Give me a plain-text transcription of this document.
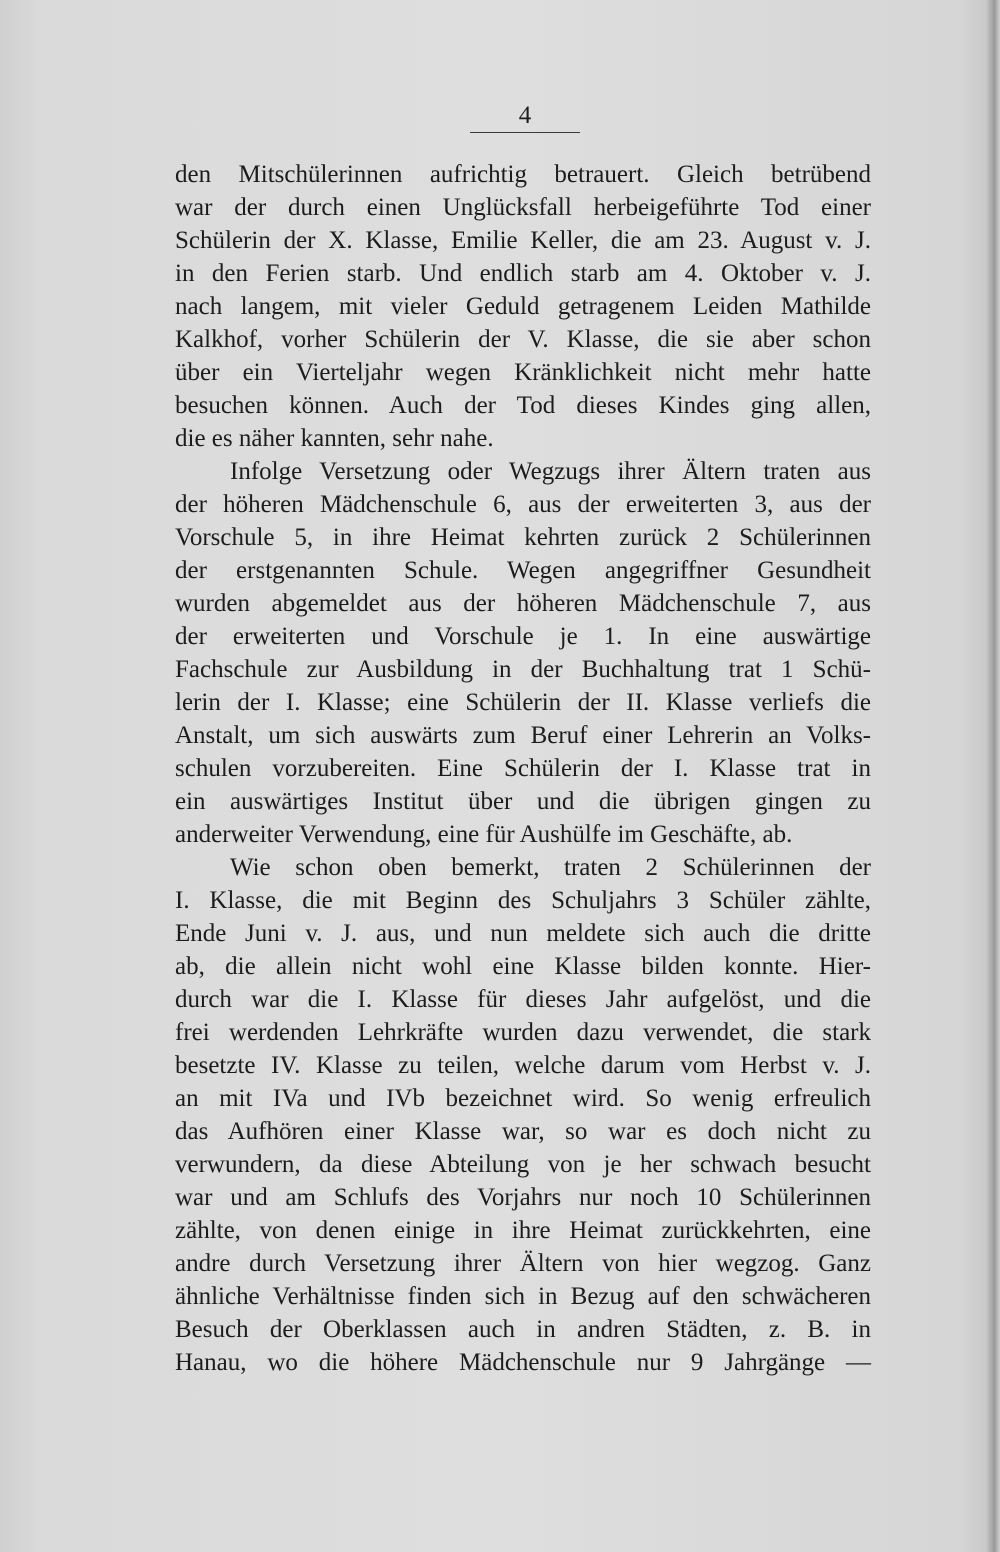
4
den Mitschülerinnen aufrichtig betrauert. Gleich betrübend
war der durch einen Unglücksfall herbeigeführte Tod einer
Schülerin der X. Klasse, Emilie Keller, die am 23. August v. J.
in den Ferien starb. Und endlich starb am 4. Oktober v. J.
nach langem, mit vieler Geduld getragenem Leiden Mathilde
Kalkhof, vorher Schülerin der V. Klasse, die sie aber schon
über ein Vierteljahr wegen Kränklichkeit nicht mehr hatte
besuchen können. Auch der Tod dieses Kindes ging allen,
die es näher kannten, sehr nahe.
Infolge Versetzung oder Wegzugs ihrer Ältern traten aus
der höheren Mädchenschule 6, aus der erweiterten 3, aus der
Vorschule 5, in ihre Heimat kehrten zurück 2 Schülerinnen
der erstgenannten Schule. Wegen angegriffner Gesundheit
wurden abgemeldet aus der höheren Mädchenschule 7, aus
der erweiterten und Vorschule je 1. In eine auswärtige
Fachschule zur Ausbildung in der Buchhaltung trat 1 Schü-
lerin der I. Klasse; eine Schülerin der II. Klasse verliefs die
Anstalt, um sich auswärts zum Beruf einer Lehrerin an Volks-
schulen vorzubereiten. Eine Schülerin der I. Klasse trat in
ein auswärtiges Institut über und die übrigen gingen zu
anderweiter Verwendung, eine für Aushülfe im Geschäfte, ab.
Wie schon oben bemerkt, traten 2 Schülerinnen der
I. Klasse, die mit Beginn des Schuljahrs 3 Schüler zählte,
Ende Juni v. J. aus, und nun meldete sich auch die dritte
ab, die allein nicht wohl eine Klasse bilden konnte. Hier-
durch war die I. Klasse für dieses Jahr aufgelöst, und die
frei werdenden Lehrkräfte wurden dazu verwendet, die stark
besetzte IV. Klasse zu teilen, welche darum vom Herbst v. J.
an mit IVa und IVb bezeichnet wird. So wenig erfreulich
das Aufhören einer Klasse war, so war es doch nicht zu
verwundern, da diese Abteilung von je her schwach besucht
war und am Schlufs des Vorjahrs nur noch 10 Schülerinnen
zählte, von denen einige in ihre Heimat zurückkehrten, eine
andre durch Versetzung ihrer Ältern von hier wegzog. Ganz
ähnliche Verhältnisse finden sich in Bezug auf den schwächeren
Besuch der Oberklassen auch in andren Städten, z. B. in
Hanau, wo die höhere Mädchenschule nur 9 Jahrgänge —
